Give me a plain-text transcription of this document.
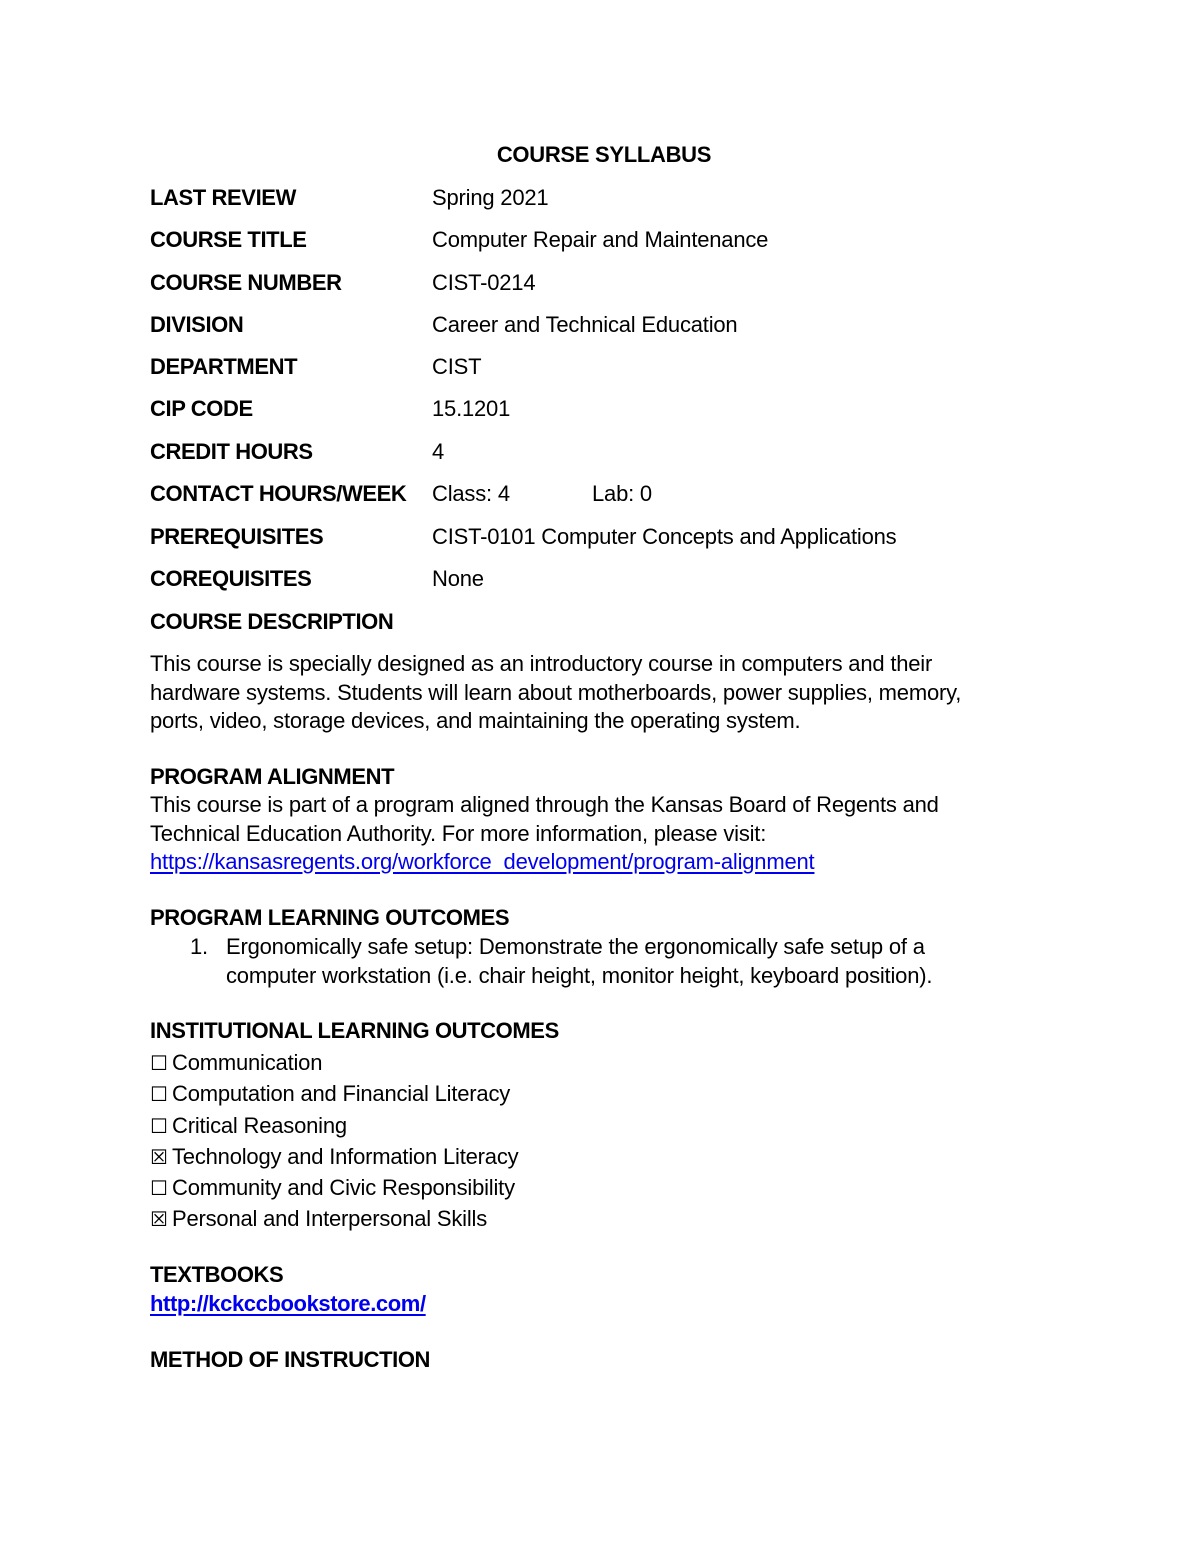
COURSE SYLLABUS
LAST REVIEW	Spring 2021
COURSE TITLE	Computer Repair and Maintenance
COURSE NUMBER	CIST-0214
DIVISION	Career and Technical Education
DEPARTMENT	CIST
CIP CODE	15.1201
CREDIT HOURS	4
CONTACT HOURS/WEEK Class: 4	Lab: 0
PREREQUISITES	CIST-0101 Computer Concepts and Applications
COREQUISITES	None
COURSE DESCRIPTION
This course is specially designed as an introductory course in computers and their
hardware systems. Students will learn about motherboards, power supplies, memory,
ports, video, storage devices, and maintaining the operating system.
PROGRAM ALIGNMENT
This course is part of a program aligned through the Kansas Board of Regents and
Technical Education Authority. For more information, please visit:
https://kansasregents.org/workforce_development/program-alignment
PROGRAM LEARNING OUTCOMES
1. Ergonomically safe setup: Demonstrate the ergonomically safe setup of a
computer workstation (i.e. chair height, monitor height, keyboard position).
INSTITUTIONAL LEARNING OUTCOMES
☐ Communication
☐ Computation and Financial Literacy
☐ Critical Reasoning
☒ Technology and Information Literacy
☐ Community and Civic Responsibility
☒ Personal and Interpersonal Skills
TEXTBOOKS
http://kckccbookstore.com/
METHOD OF INSTRUCTION
